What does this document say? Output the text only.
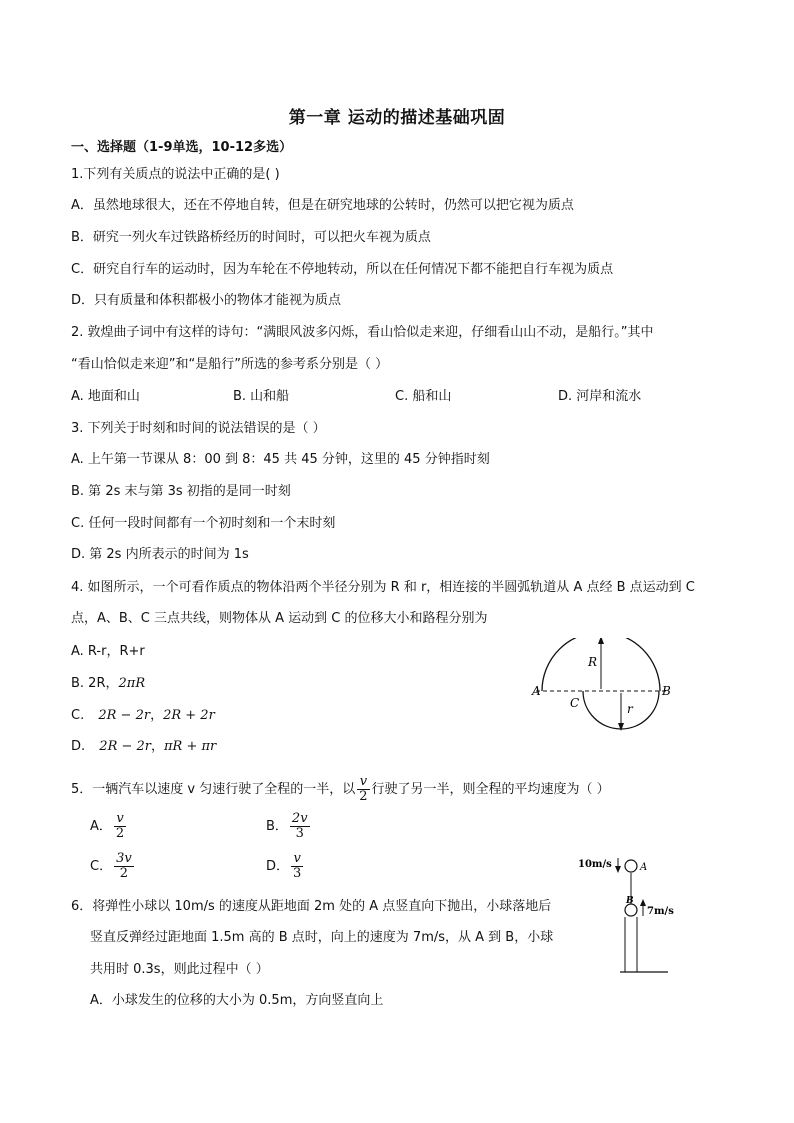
第一章 运动的描述基础巩固
一、选择题（1-9单选，10-12多选）
1.下列有关质点的说法中正确的是( )
A．虽然地球很大，还在不停地自转，但是在研究地球的公转时，仍然可以把它视为质点
B．研究一列火车过铁路桥经历的时间时，可以把火车视为质点
C．研究自行车的运动时，因为车轮在不停地转动，所以在任何情况下都不能把自行车视为质点
D．只有质量和体积都极小的物体才能视为质点
2. 敦煌曲子词中有这样的诗句：“满眼风波多闪烁，看山恰似走来迎，仔细看山山不动，是船行。”其中
“看山恰似走来迎”和“是船行”所选的参考系分别是（ ）
A. 地面和山	B. 山和船	C. 船和山	D. 河岸和流水
3. 下列关于时刻和时间的说法错误的是（ ）
A. 上午第一节课从 8：00 到 8：45 共 45 分钟，这里的 45 分钟指时刻
B. 第 2s 末与第 3s 初指的是同一时刻
C. 任何一段时间都有一个初时刻和一个末时刻
D. 第 2s 内所表示的时间为 1s
4. 如图所示，一个可看作质点的物体沿两个半径分别为 R 和 r，相连接的半圆弧轨道从 A 点经 B 点运动到 C
点，A、B、C 三点共线，则物体从 A 运动到 C 的位移大小和路程分别为
A. R-r，R+r
B. 2R，2πR
C. 2R − 2r，2R + 2r
D. 2R − 2r，πR + πr
R
r
A	B
C
5．一辆汽车以速度 v 匀速行驶了全程的一半，以 $\frac{v}{2}$ 行驶了另一半，则全程的平均速度为（ ）
A． $\frac{v}{2}$	B． $\frac{2v}{3}$
C． $\frac{3v}{2}$	D． $\frac{v}{3}$
6．将弹性小球以 10m/s 的速度从距地面 2m 处的 A 点竖直向下抛出，小球落地后
竖直反弹经过距地面 1.5m 高的 B 点时，向上的速度为 7m/s，从 A 到 B，小球
共用时 0.3s，则此过程中（ ）
A．小球发生的位移的大小为 0.5m，方向竖直向上
10m/s	A
B
7m/s
